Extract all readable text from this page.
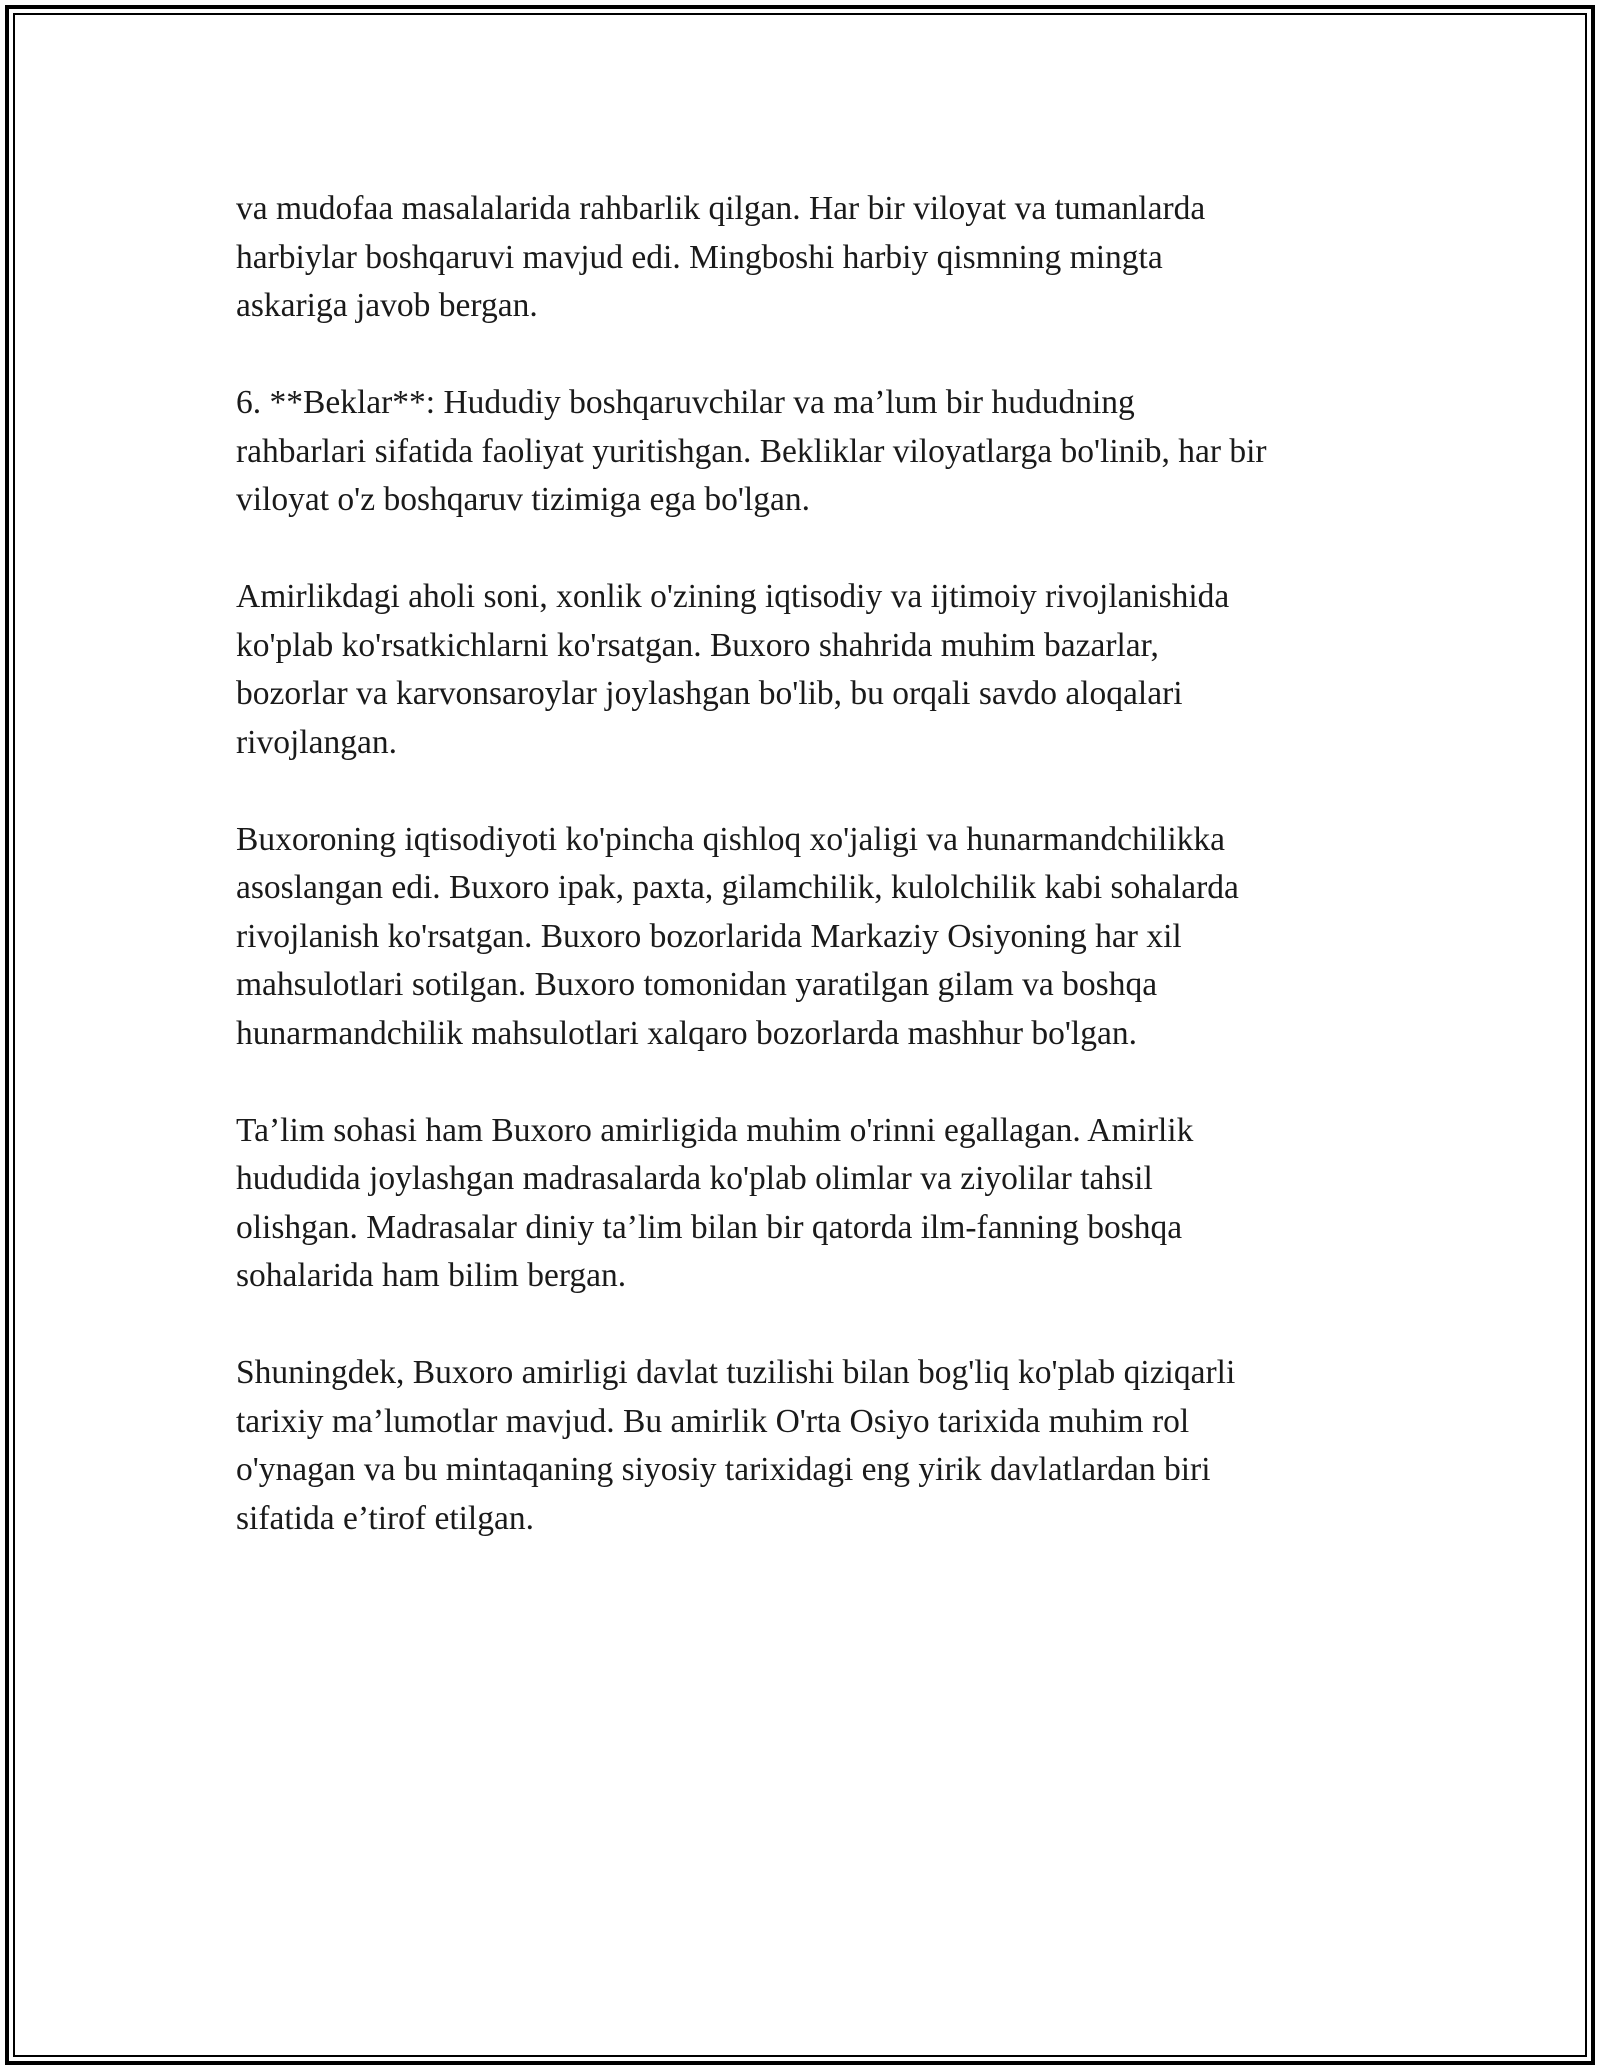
va mudofaa masalalarida rahbarlik qilgan. Har bir viloyat va tumanlarda
harbiylar boshqaruvi mavjud edi. Mingboshi harbiy qismning mingta
askariga javob bergan.

6. **Beklar**: Hududiy boshqaruvchilar va ma’lum bir hududning
rahbarlari sifatida faoliyat yuritishgan. Bekliklar viloyatlarga bo'linib, har bir
viloyat o'z boshqaruv tizimiga ega bo'lgan.

Amirlikdagi aholi soni, xonlik o'zining iqtisodiy va ijtimoiy rivojlanishida
ko'plab ko'rsatkichlarni ko'rsatgan. Buxoro shahrida muhim bazarlar,
bozorlar va karvonsaroylar joylashgan bo'lib, bu orqali savdo aloqalari
rivojlangan.

Buxoroning iqtisodiyoti ko'pincha qishloq xo'jaligi va hunarmandchilikka
asoslangan edi. Buxoro ipak, paxta, gilamchilik, kulolchilik kabi sohalarda
rivojlanish ko'rsatgan. Buxoro bozorlarida Markaziy Osiyoning har xil
mahsulotlari sotilgan. Buxoro tomonidan yaratilgan gilam va boshqa
hunarmandchilik mahsulotlari xalqaro bozorlarda mashhur bo'lgan.

Ta’lim sohasi ham Buxoro amirligida muhim o'rinni egallagan. Amirlik
hududida joylashgan madrasalarda ko'plab olimlar va ziyolilar tahsil
olishgan. Madrasalar diniy ta’lim bilan bir qatorda ilm-fanning boshqa
sohalarida ham bilim bergan.

Shuningdek, Buxoro amirligi davlat tuzilishi bilan bog'liq ko'plab qiziqarli
tarixiy ma’lumotlar mavjud. Bu amirlik O'rta Osiyo tarixida muhim rol
o'ynagan va bu mintaqaning siyosiy tarixidagi eng yirik davlatlardan biri
sifatida e’tirof etilgan.
